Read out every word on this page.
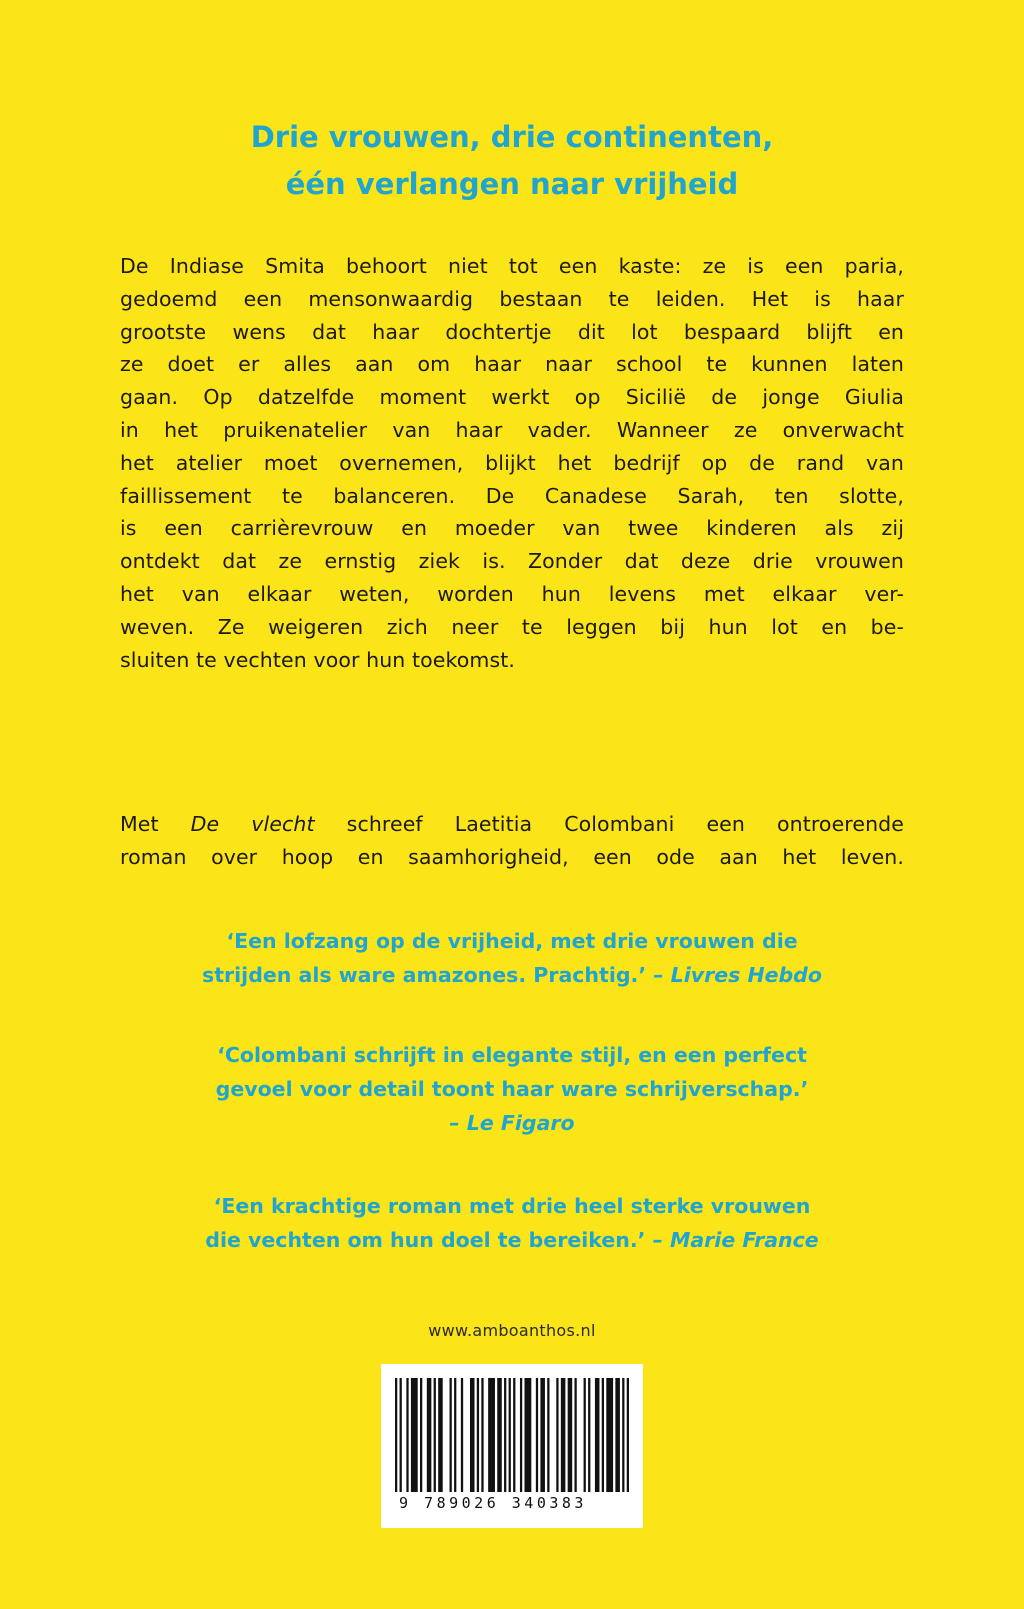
Drie vrouwen, drie continenten,
één verlangen naar vrijheid

De Indiase Smita behoort niet tot een kaste: ze is een paria,
gedoemd een mensonwaardig bestaan te leiden. Het is haar
grootste wens dat haar dochtertje dit lot bespaard blijft en
ze doet er alles aan om haar naar school te kunnen laten
gaan. Op datzelfde moment werkt op Sicilië de jonge Giulia
in het pruikenatelier van haar vader. Wanneer ze onverwacht
het atelier moet overnemen, blijkt het bedrijf op de rand van
faillissement te balanceren. De Canadese Sarah, ten slotte,
is een carrièrevrouw en moeder van twee kinderen als zij
ontdekt dat ze ernstig ziek is. Zonder dat deze drie vrouwen
het van elkaar weten, worden hun levens met elkaar ver-
weven. Ze weigeren zich neer te leggen bij hun lot en be-
sluiten te vechten voor hun toekomst.

Met De vlecht schreef Laetitia Colombani een ontroerende
roman over hoop en saamhorigheid, een ode aan het leven.

‘Een lofzang op de vrijheid, met drie vrouwen die
strijden als ware amazones. Prachtig.’ – Livres Hebdo

‘Colombani schrijft in elegante stijl, en een perfect
gevoel voor detail toont haar ware schrijverschap.’
– Le Figaro

‘Een krachtige roman met drie heel sterke vrouwen
die vechten om hun doel te bereiken.’ – Marie France

www.amboanthos.nl
9 789026 340383
